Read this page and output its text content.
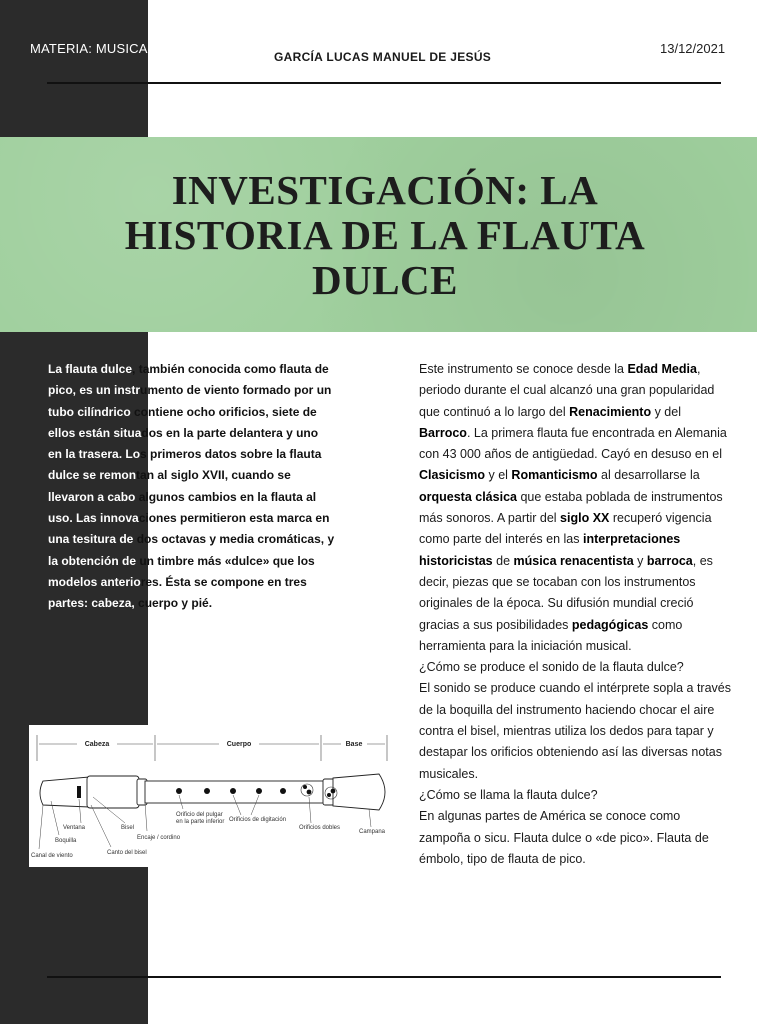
MATERIA: MUSICA
GARCÍA LUCAS MANUEL DE JESÚS
13/12/2021
INVESTIGACIÓN: LA HISTORIA DE LA FLAUTA DULCE
La flauta dulce, también conocida como flauta de
pico, es un instrumento de viento formado por un
tubo cilíndrico contiene ocho orificios, siete de
ellos están situados en la parte delantera y uno
en la trasera. Los primeros datos sobre la flauta
dulce se remontan al siglo XVII, cuando se
llevaron a cabo algunos cambios en la flauta al
uso. Las innovaciones permitieron esta marca en
una tesitura de dos octavas y media cromáticas, y
la obtención de un timbre más «dulce» que los
modelos anteriores. Ésta se compone en tres
partes: cabeza, cuerpo y pié.

Este instrumento se conoce desde la Edad Media, periodo durante el cual alcanzó una gran popularidad que continuó a lo largo del Renacimiento y del Barroco. La primera flauta fue encontrada en Alemania con 43 000 años de antigüedad. Cayó en desuso en el Clasicismo y el Romanticismo al desarrollarse la orquesta clásica que estaba poblada de instrumentos más sonoros. A partir del siglo XX recuperó vigencia como parte del interés en las interpretaciones historicistas de música renacentista y barroca, es decir, piezas que se tocaban con los instrumentos originales de la época. Su difusión mundial creció gracias a sus posibilidades pedagógicas como herramienta para la iniciación musical.

¿Cómo se produce el sonido de la flauta dulce?

El sonido se produce cuando el intérprete sopla a través de la boquilla del instrumento haciendo chocar el aire contra el bisel, mientras utiliza los dedos para tapar y destapar los orificios obteniendo así las diversas notas musicales.

¿Cómo se llama la flauta dulce?

En algunas partes de América se conoce como zampoña o sicu. Flauta dulce o «de pico». Flauta de émbolo, tipo de flauta de pico.

Cabeza	Cuerpo	Base
Ventana	Bisel
Boquilla
Canal de viento	Canto del bisel
Encaje / cordino
Orificio del pulgar
en la parte inferior Orificios de digitación
Orificios dobles
Campana
